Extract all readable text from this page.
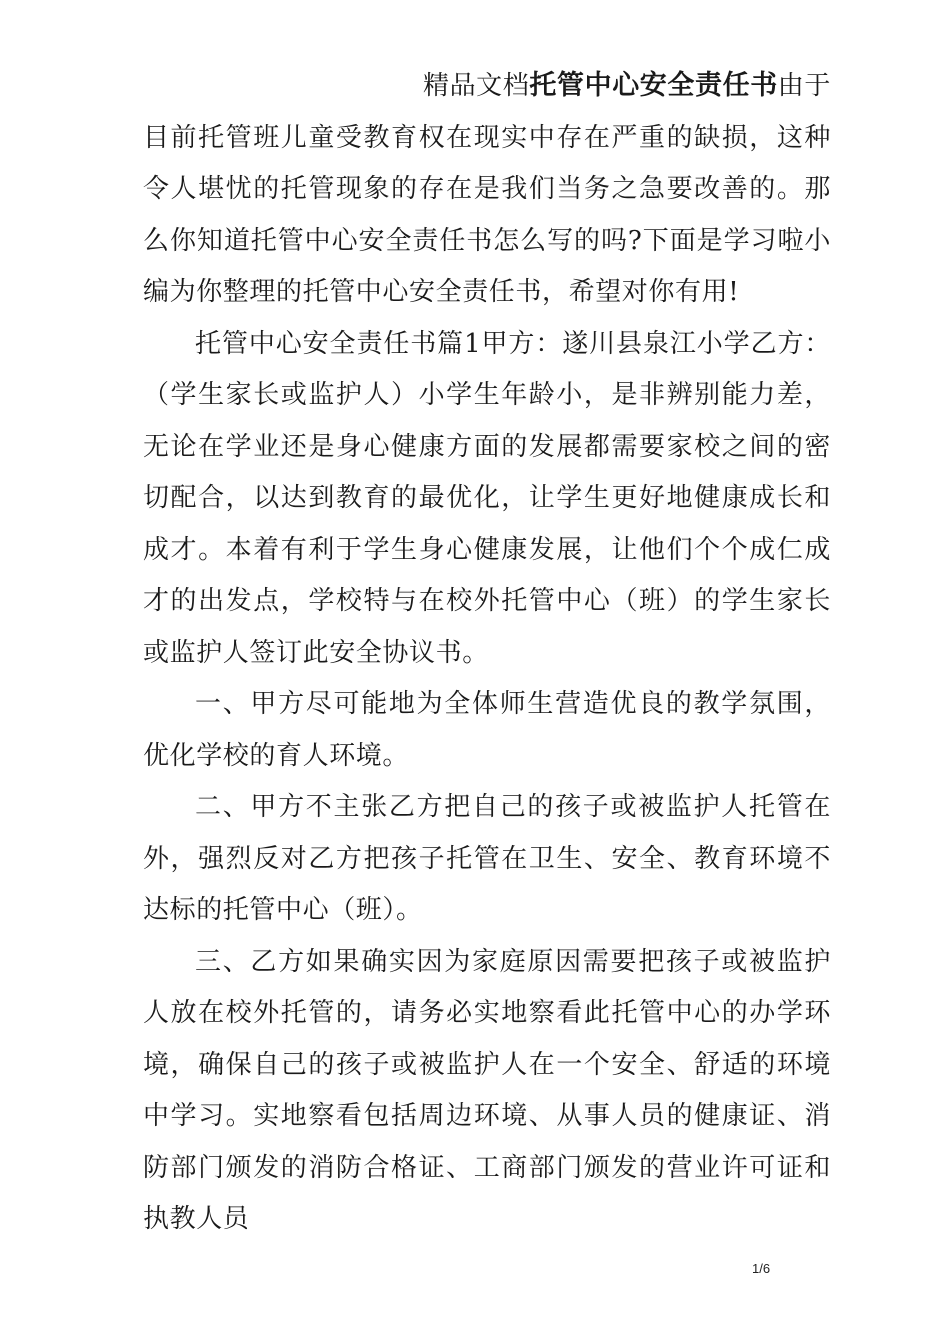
精品文档托管中心安全责任书由于

目前托管班儿童受教育权在现实中存在严重的缺损，这种令人堪忧的托管现象的存在是我们当务之急要改善的。那么你知道托管中心安全责任书怎么写的吗?下面是学习啦小编为你整理的托管中心安全责任书，希望对你有用!

托管中心安全责任书篇1甲方：遂川县泉江小学乙方：（学生家长或监护人）小学生年龄小，是非辨别能力差，无论在学业还是身心健康方面的发展都需要家校之间的密切配合，以达到教育的最优化，让学生更好地健康成长和成才。本着有利于学生身心健康发展，让他们个个成仁成才的出发点，学校特与在校外托管中心（班）的学生家长或监护人签订此安全协议书。

一、甲方尽可能地为全体师生营造优良的教学氛围，优化学校的育人环境。

二、甲方不主张乙方把自己的孩子或被监护人托管在外，强烈反对乙方把孩子托管在卫生、安全、教育环境不达标的托管中心（班）。

三、乙方如果确实因为家庭原因需要把孩子或被监护人放在校外托管的，请务必实地察看此托管中心的办学环境，确保自己的孩子或被监护人在一个安全、舒适的环境中学习。实地察看包括周边环境、从事人员的健康证、消防部门颁发的消防合格证、工商部门颁发的营业许可证和执教人员

1/6
